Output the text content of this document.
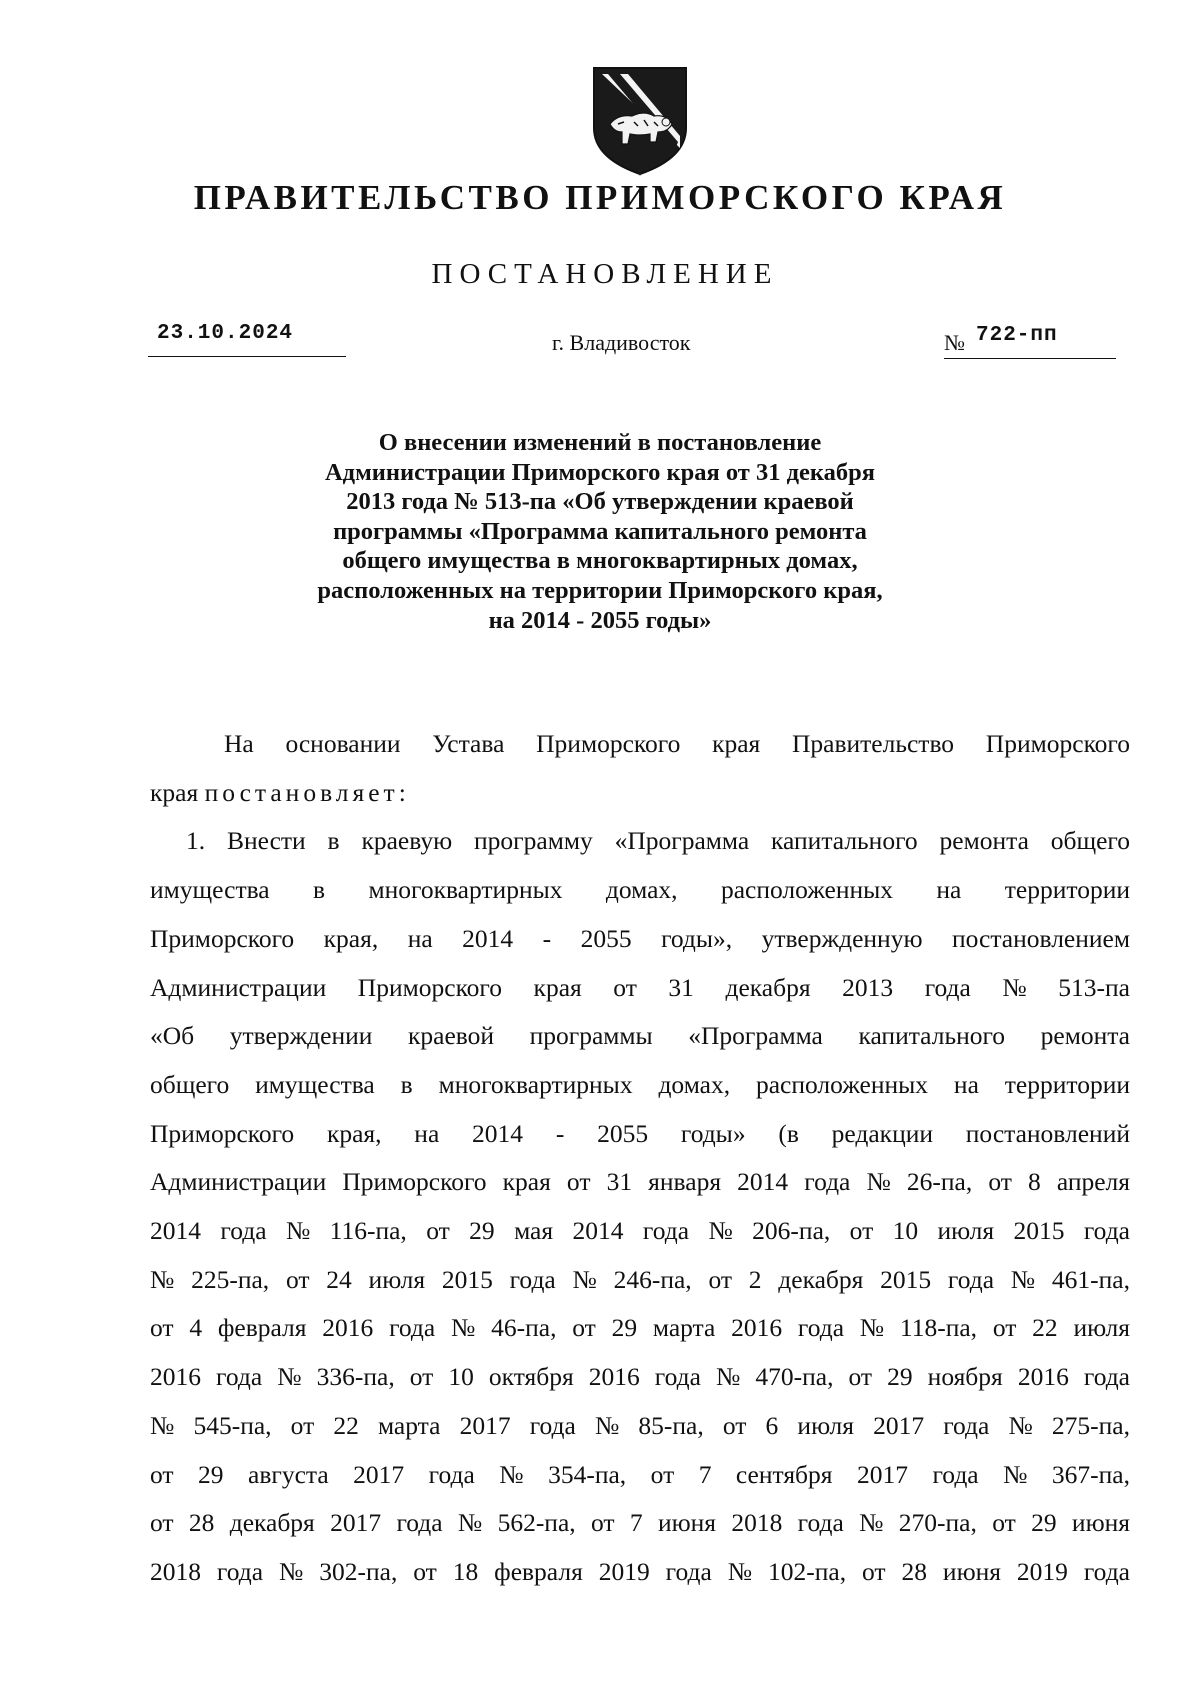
ПРАВИТЕЛЬСТВО ПРИМОРСКОГО КРАЯ
ПОСТАНОВЛЕНИЕ
23.10.2024	г. Владивосток	№ 722-пп
О внесении изменений в постановление
Администрации Приморского края от 31 декабря
2013 года № 513-па «Об утверждении краевой
программы «Программа капитального ремонта
общего имущества в многоквартирных домах,
расположенных на территории Приморского края,
на 2014 - 2055 годы»
На основании Устава Приморского края Правительство Приморского
края постановляет:
1. Внести в краевую программу «Программа капитального ремонта общего
имущества в многоквартирных домах, расположенных на территории
Приморского края, на 2014 - 2055 годы», утвержденную постановлением
Администрации Приморского края от 31 декабря 2013 года № 513-па
«Об утверждении краевой программы «Программа капитального ремонта
общего имущества в многоквартирных домах, расположенных на территории
Приморского края, на 2014 - 2055 годы» (в редакции постановлений
Администрации Приморского края от 31 января 2014 года № 26-па, от 8 апреля
2014 года № 116-па, от 29 мая 2014 года № 206-па, от 10 июля 2015 года
№ 225-па, от 24 июля 2015 года № 246-па, от 2 декабря 2015 года № 461-па,
от 4 февраля 2016 года № 46-па, от 29 марта 2016 года № 118-па, от 22 июля
2016 года № 336-па, от 10 октября 2016 года № 470-па, от 29 ноября 2016 года
№ 545-па, от 22 марта 2017 года № 85-па, от 6 июля 2017 года № 275-па,
от 29 августа 2017 года № 354-па, от 7 сентября 2017 года № 367-па,
от 28 декабря 2017 года № 562-па, от 7 июня 2018 года № 270-па, от 29 июня
2018 года № 302-па, от 18 февраля 2019 года № 102-па, от 28 июня 2019 года
